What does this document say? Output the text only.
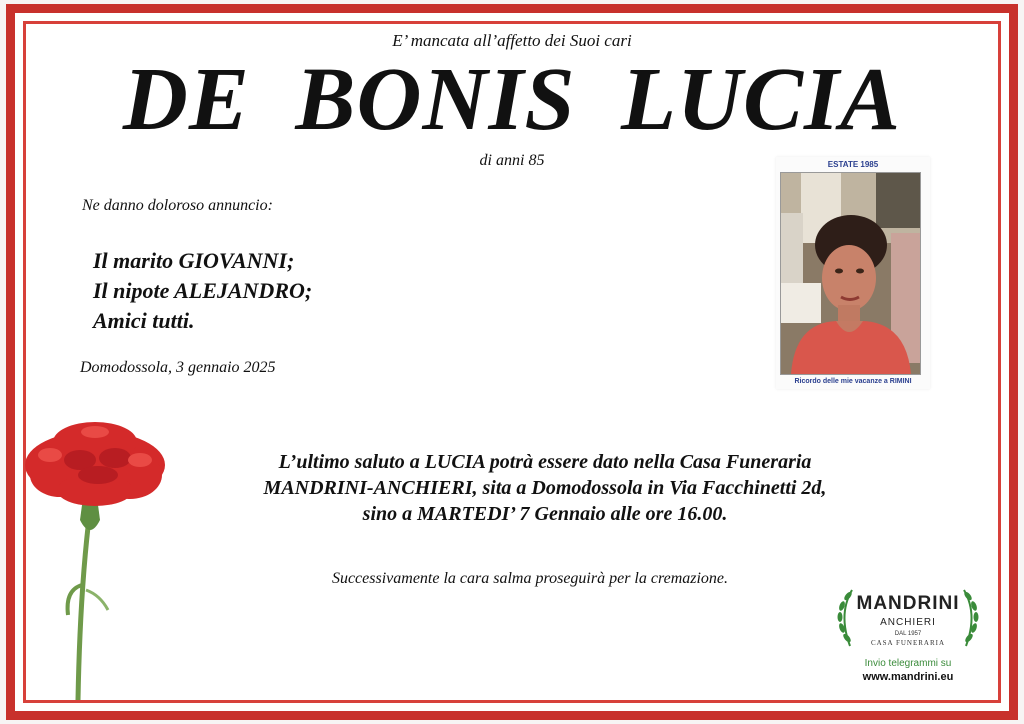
E’ mancata all’affetto dei Suoi cari
DE BONIS LUCIA
di anni 85
Ne danno doloroso annuncio:
Il marito GIOVANNI;
Il nipote ALEJANDRO;
Amici tutti.
Domodossola, 3 gennaio 2025
L’ultimo saluto a LUCIA potrà essere dato nella Casa Funeraria
MANDRINI-ANCHIERI, sita a Domodossola in Via Facchinetti 2d,
sino a MARTEDI’ 7 Gennaio alle ore 16.00.
Successivamente la cara salma proseguirà per la cremazione.
ESTATE 1985
Ricordo delle mie vacanze a RIMINI
MANDRINI
ANCHIERI
DAL 1957
CASA FUNERARIA
Invio telegrammi su
www.mandrini.eu
